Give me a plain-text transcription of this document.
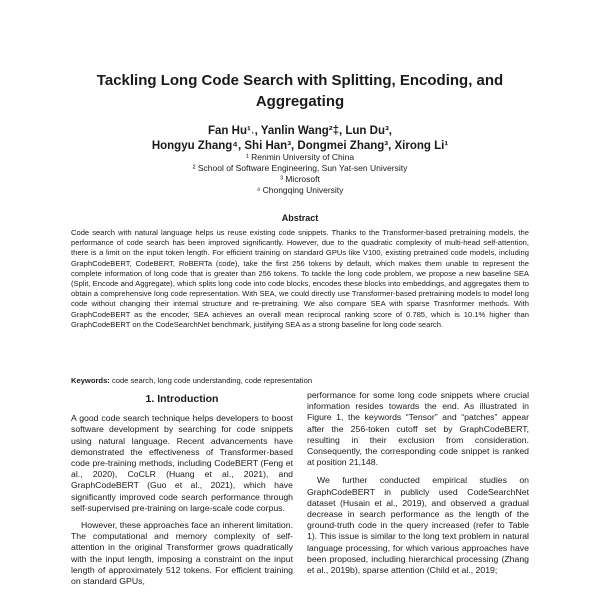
Tackling Long Code Search with Splitting, Encoding, and Aggregating
Fan Hu¹˒, Yanlin Wang²‡, Lun Du³,
Hongyu Zhang⁴, Shi Han³, Dongmei Zhang³, Xirong Li¹
¹ Renmin University of China
² School of Software Engineering, Sun Yat-sen University
³ Microsoft
⁴ Chongqing University
Abstract

Code search with natural language helps us reuse existing code snippets. Thanks to the Transformer-based pretraining models, the performance of code search has been improved significantly. However, due to the quadratic complexity of multi-head self-attention, there is a limit on the input token length. For efficient training on standard GPUs like V100, existing pretrained code models, including GraphCodeBERT, CodeBERT, RoBERTa (code), take the first 256 tokens by default, which makes them unable to represent the complete information of long code that is greater than 256 tokens. To tackle the long code problem, we propose a new baseline SEA (Split, Encode and Aggregate), which splits long code into code blocks, encodes these blocks into embeddings, and aggregates them to obtain a comprehensive long code representation. With SEA, we could directly use Transformer-based pretraining models to model long code without changing their internal structure and re-pretraining. We also compare SEA with sparse Trasnformer methods. With GraphCodeBERT as the encoder, SEA achieves an overall mean reciprocal ranking score of 0.785, which is 10.1% higher than GraphCodeBERT on the CodeSearchNet benchmark, justifying SEA as a strong baseline for long code search.

Keywords: code search, long code understanding, code representation

1. Introduction

A good code search technique helps developers to boost software development by searching for code snippets using natural language. Recent advancements have demonstrated the effectiveness of Transformer-based code pre-training methods, including CodeBERT (Feng et al., 2020), CoCLR (Huang et al., 2021), and GraphCodeBERT (Guo et al., 2021), which have significantly improved code search performance through self-supervised pre-training on large-scale code corpus.

However, these approaches face an inherent limitation. The computational and memory complexity of self-attention in the original Transformer grows quadratically with the input length, imposing a constraint on the input length of approximately 512 tokens. For efficient training on standard GPUs,

performance for some long code snippets where crucial information resides towards the end. As illustrated in Figure 1, the keywords “Tensor” and “patches” appear after the 256-token cutoff set by GraphCodeBERT, resulting in their exclusion from consideration. Consequently, the corresponding code snippet is ranked at position 21,148.

We further conducted empirical studies on GraphCodeBERT in publicly used CodeSearchNet dataset (Husain et al., 2019), and observed a gradual decrease in search performance as the length of the ground-truth code in the query increased (refer to Table 1). This issue is similar to the long text problem in natural language processing, for which various approaches have been proposed, including hierarchical processing (Zhang et al., 2019b), sparse attention (Child et al., 2019;
